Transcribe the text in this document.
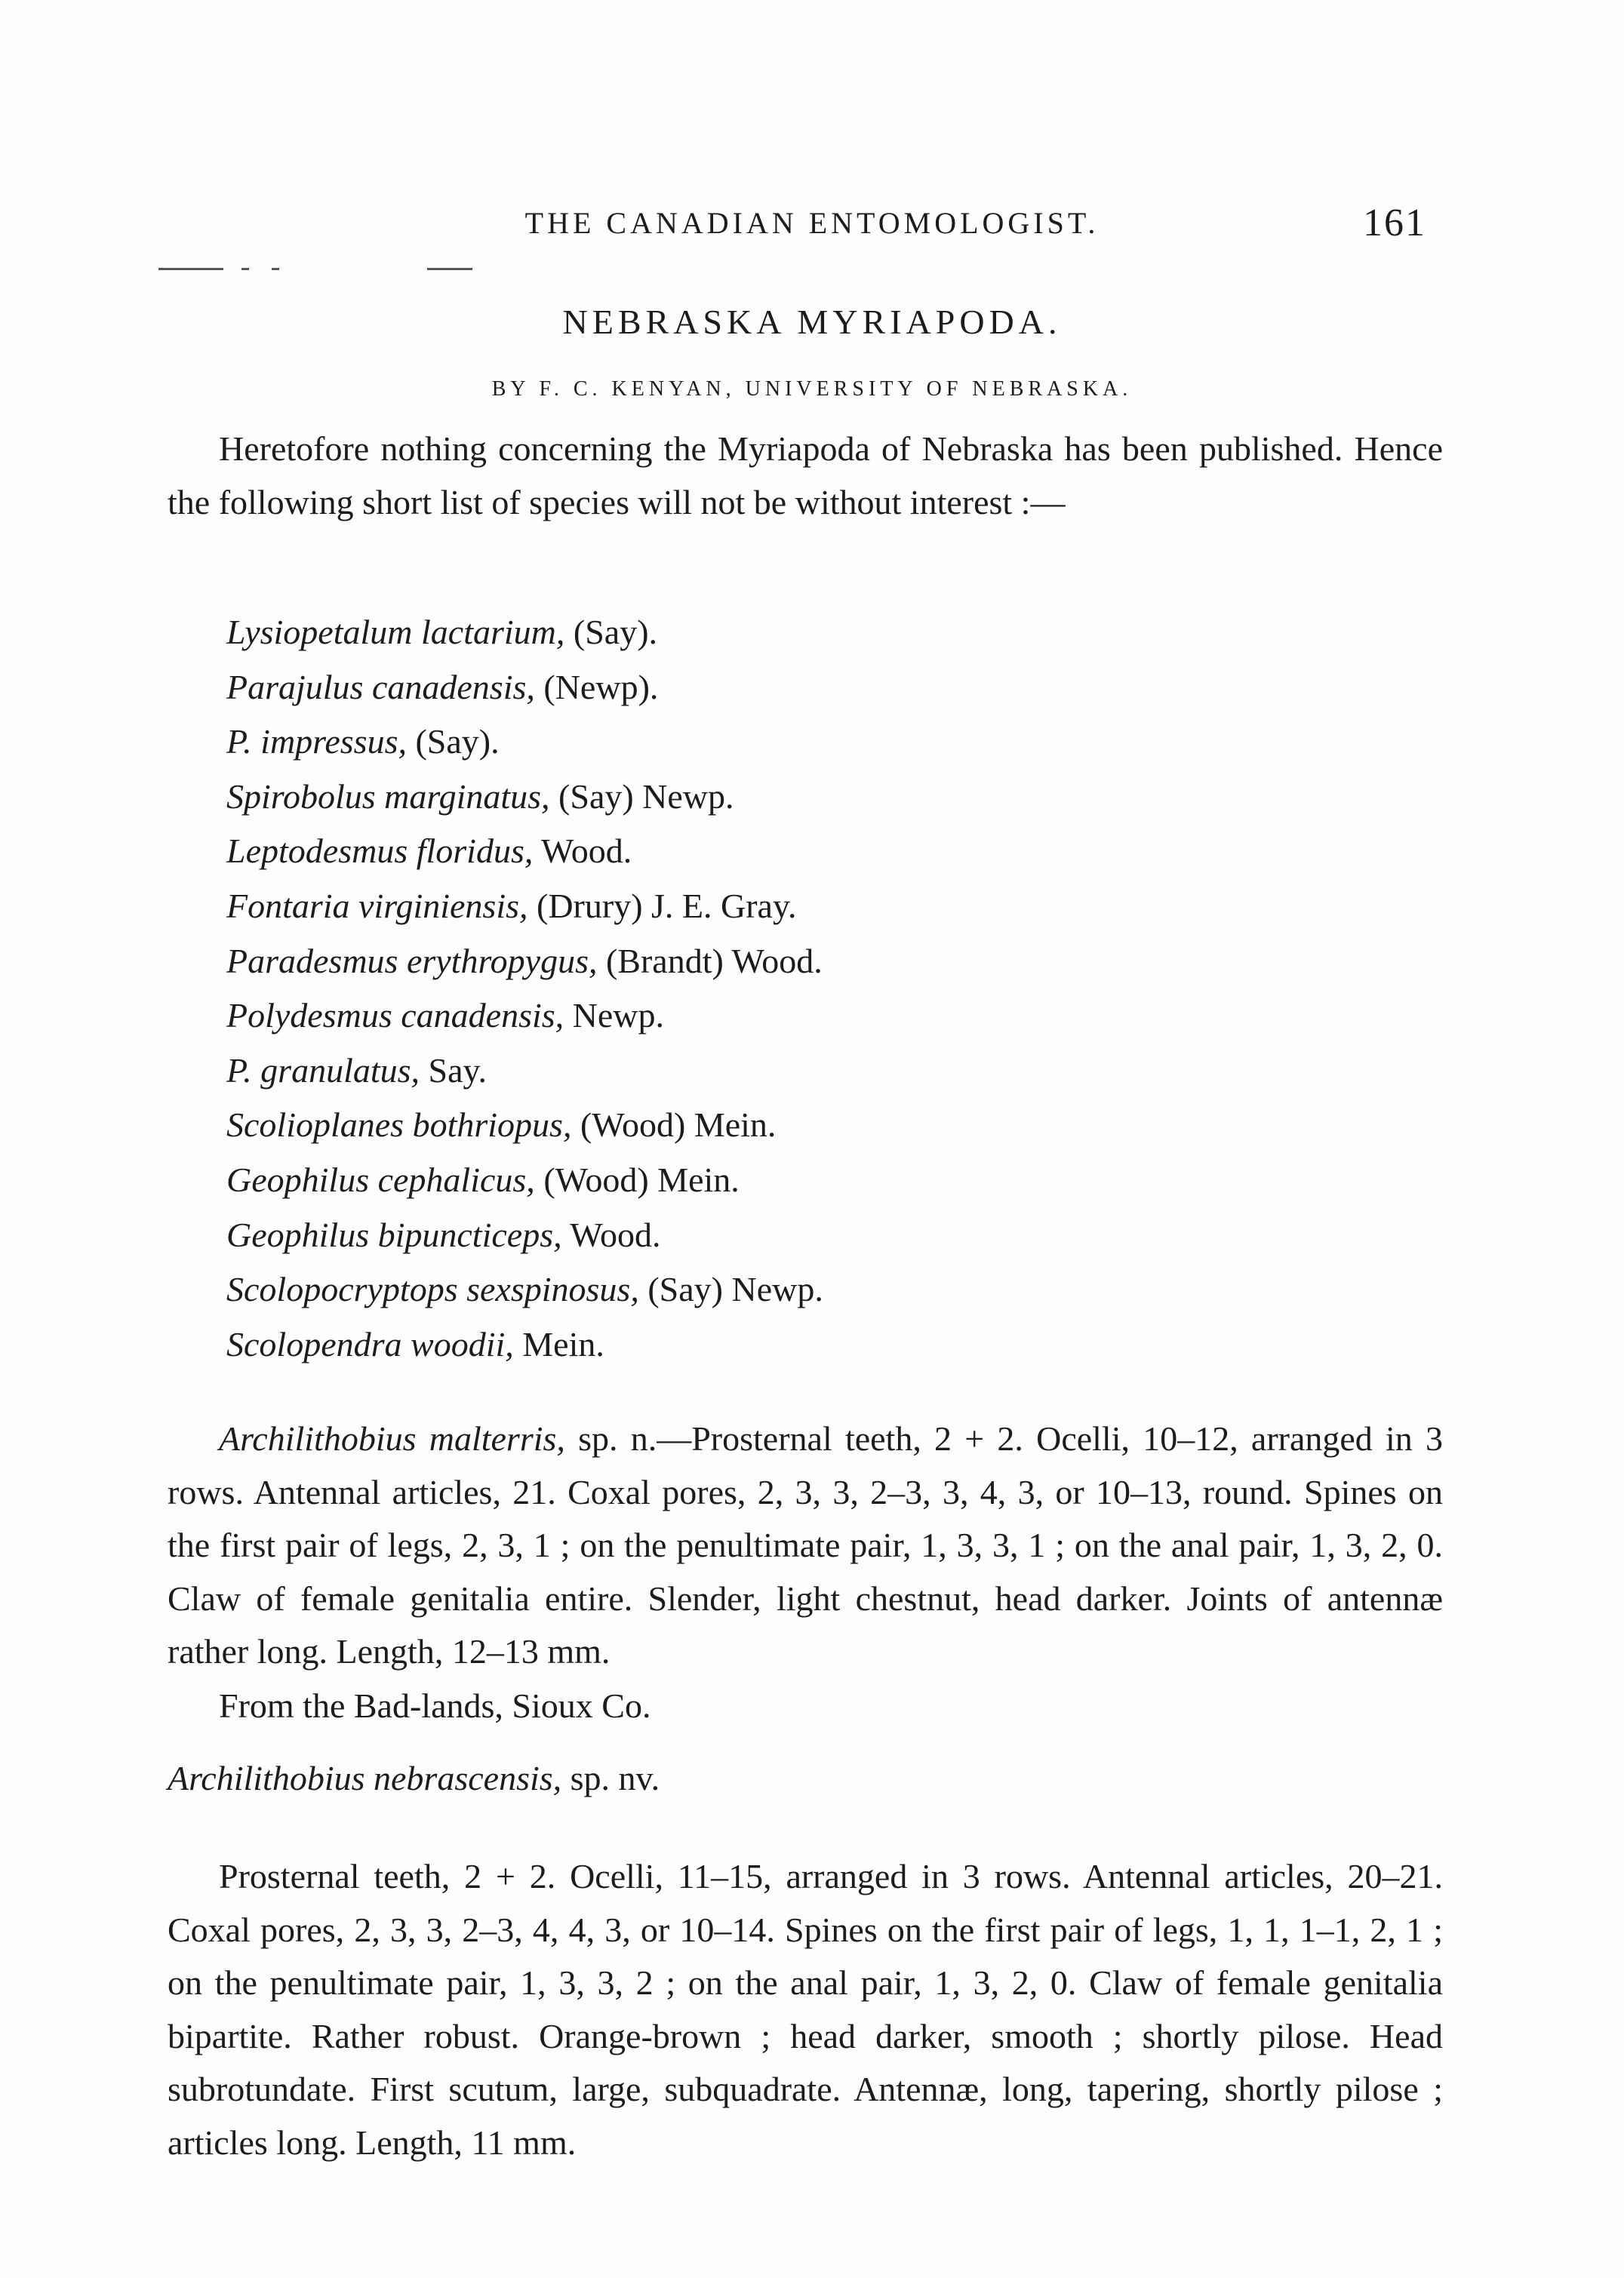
THE CANADIAN ENTOMOLOGIST.	161
NEBRASKA MYRIAPODA.
BY F. C. KENYAN, UNIVERSITY OF NEBRASKA.

Heretofore nothing concerning the Myriapoda of Nebraska has been published. Hence the following short list of species will not be without interest :—

Lysiopetalum lactarium, (Say).
Parajulus canadensis, (Newp).
P. impressus, (Say).
Spirobolus marginatus, (Say) Newp.
Leptodesmus floridus, Wood.
Fontaria virginiensis, (Drury) J. E. Gray.
Paradesmus erythropygus, (Brandt) Wood.
Polydesmus canadensis, Newp.
P. granulatus, Say.
Scolioplanes bothriopus, (Wood) Mein.
Geophilus cephalicus, (Wood) Mein.
Geophilus bipuncticeps, Wood.
Scolopocryptops sexspinosus, (Say) Newp.
Scolopendra woodii, Mein.

Archilithobius malterris, sp. n.—Prosternal teeth, 2 + 2. Ocelli, 10–12, arranged in 3 rows. Antennal articles, 21. Coxal pores, 2, 3, 3, 2–3, 3, 4, 3, or 10–13, round. Spines on the first pair of legs, 2, 3, 1 ; on the penultimate pair, 1, 3, 3, 1 ; on the anal pair, 1, 3, 2, 0. Claw of female genitalia entire. Slender, light chestnut, head darker. Joints of antennæ rather long. Length, 12–13 mm.

From the Bad-lands, Sioux Co.

Archilithobius nebrascensis, sp. nv.

Prosternal teeth, 2 + 2. Ocelli, 11–15, arranged in 3 rows. Antennal articles, 20–21. Coxal pores, 2, 3, 3, 2–3, 4, 4, 3, or 10–14. Spines on the first pair of legs, 1, 1, 1–1, 2, 1 ; on the penultimate pair, 1, 3, 3, 2 ; on the anal pair, 1, 3, 2, 0. Claw of female genitalia bipartite. Rather robust. Orange-brown ; head darker, smooth ; shortly pilose. Head subrotundate. First scutum, large, subquadrate. Antennæ, long, tapering, shortly pilose ; articles long. Length, 11 mm.
